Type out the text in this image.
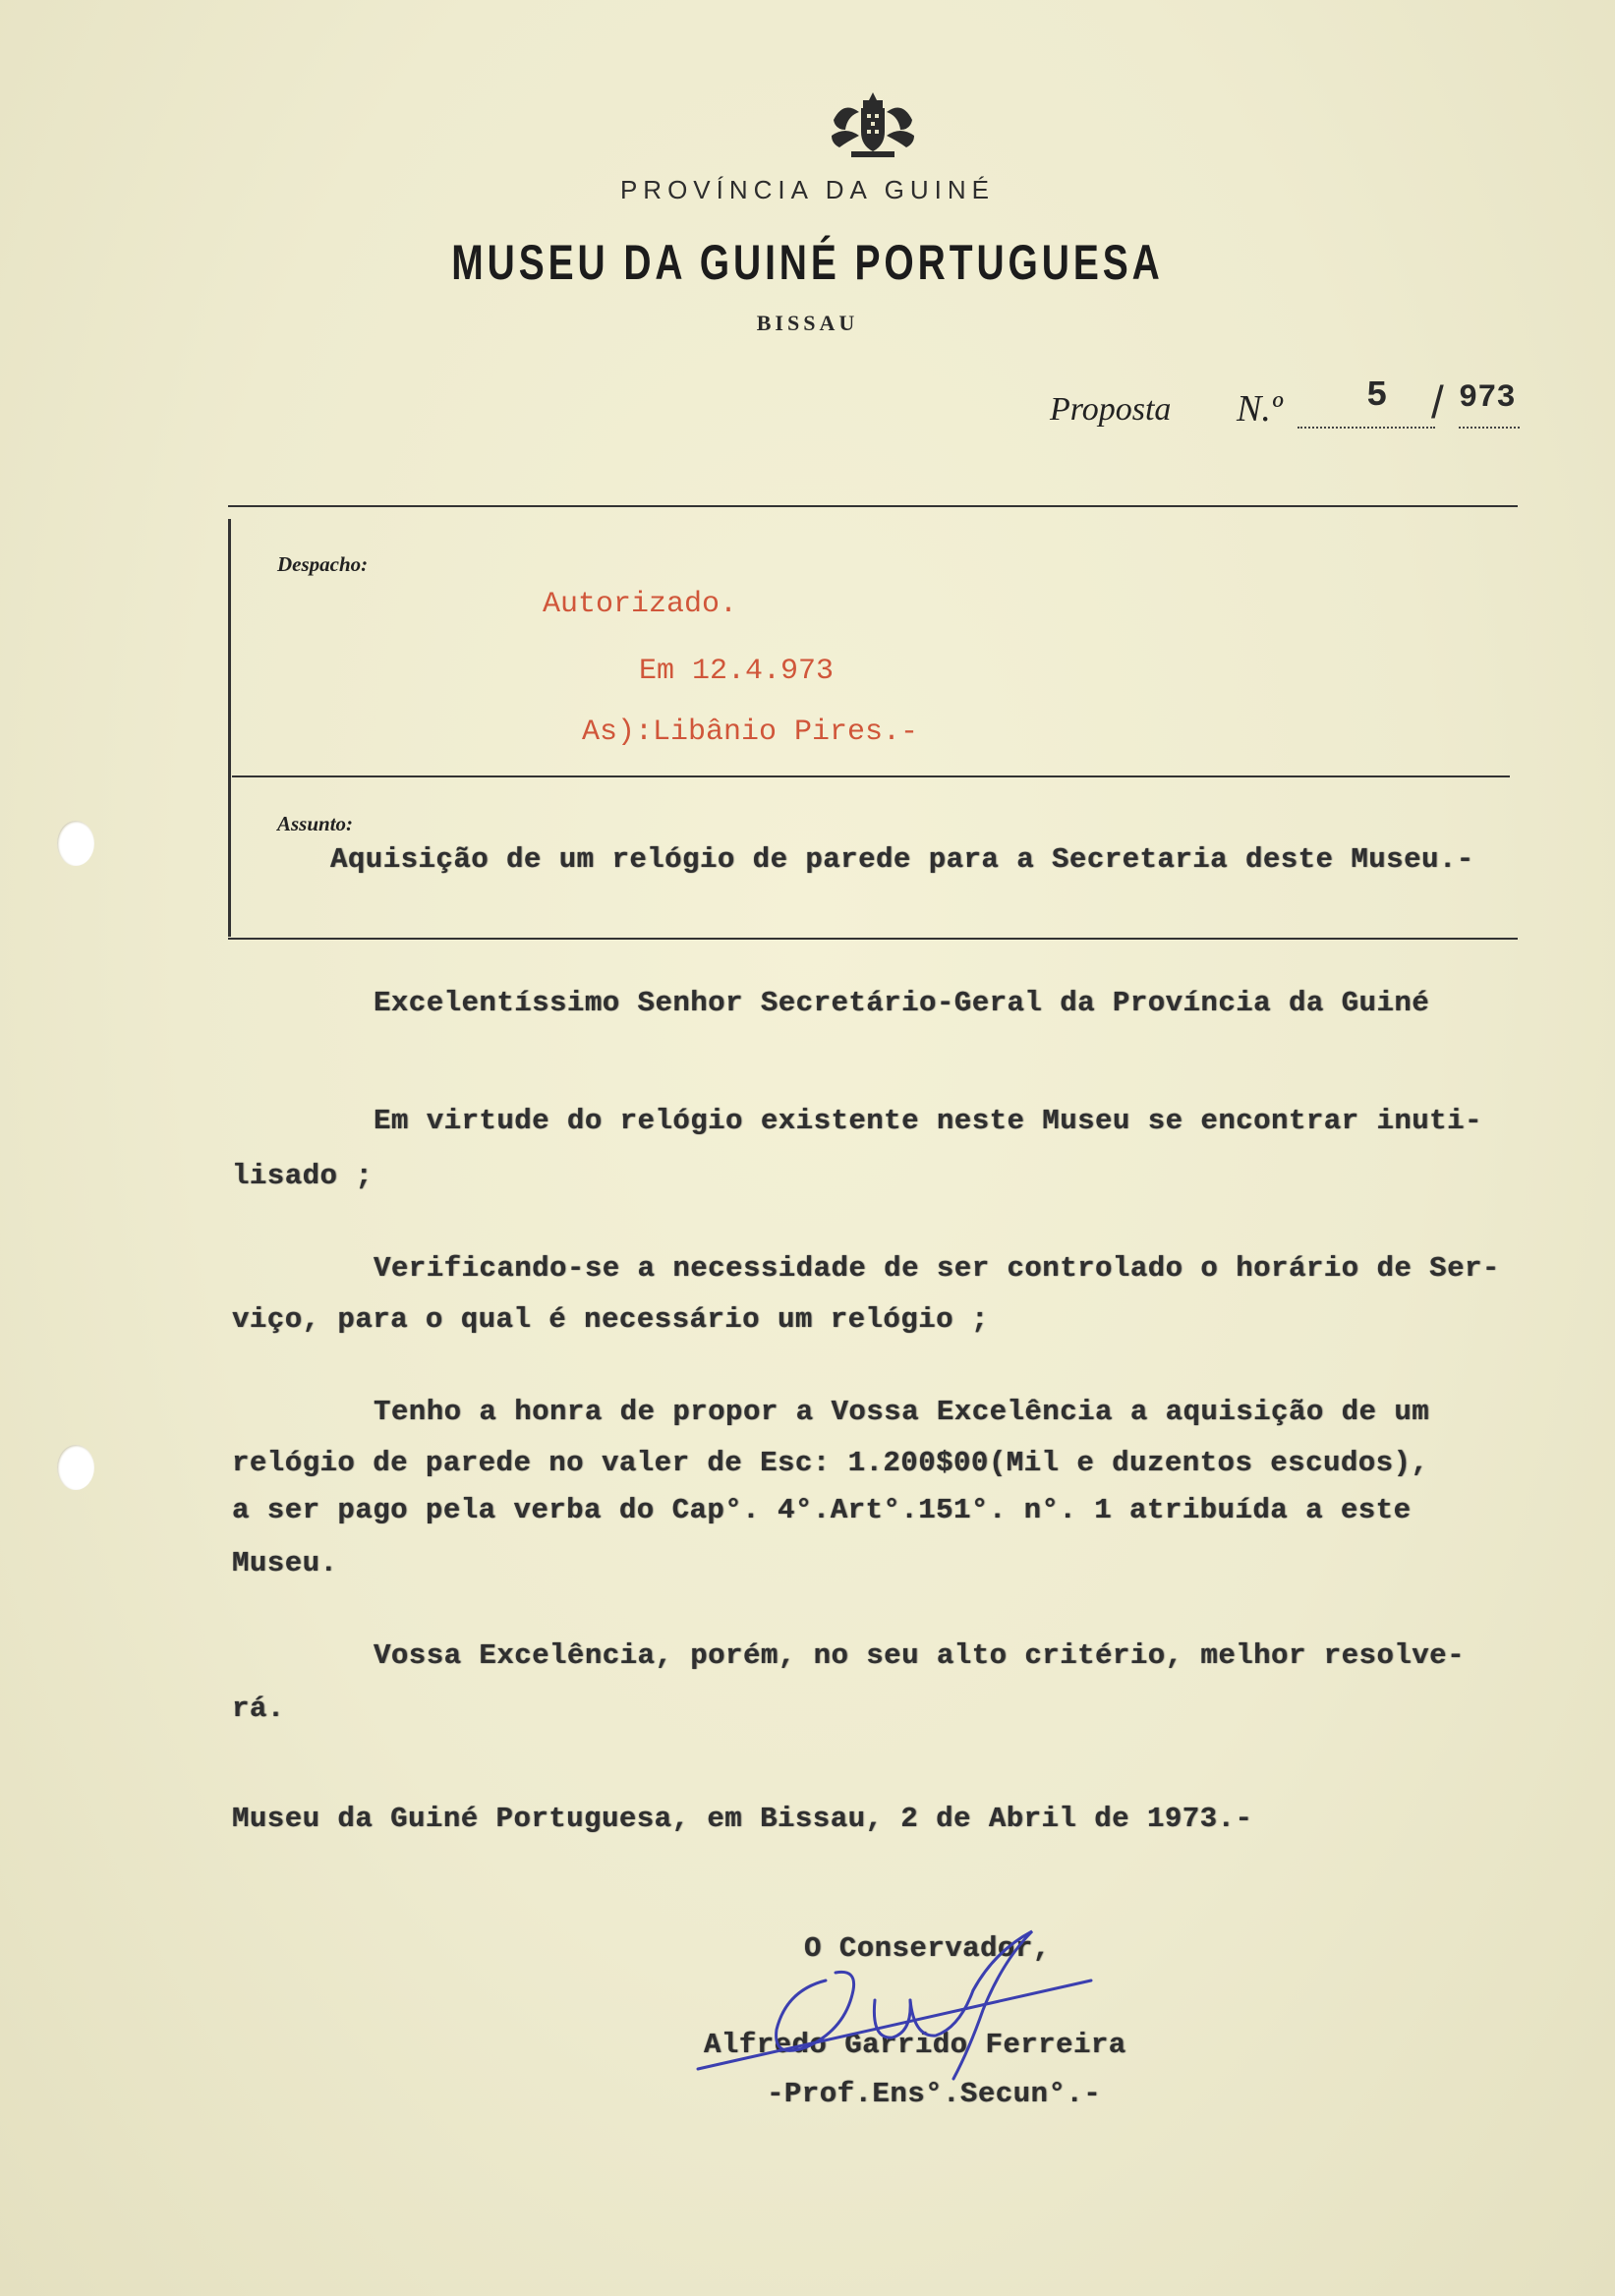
PROVÍNCIA DA GUINÉ
MUSEU DA GUINÉ PORTUGUESA
BISSAU
Proposta N.º 5 / 973
Despacho:
Autorizado.
Em 12.4.973
As):Libânio Pires.-
Assunto:
Aquisição de um relógio de parede para a Secretaria deste Museu.-
Excelentíssimo Senhor Secretário-Geral da Província da Guiné
Em virtude do relógio existente neste Museu se encontrar inuti-
lisado ;
Verificando-se a necessidade de ser controlado o horário de Ser-
viço, para o qual é necessário um relógio ;
Tenho a honra de propor a Vossa Excelência a aquisição de um
relógio de parede no valer de Esc: 1.200$00(Mil e duzentos escudos),
a ser pago pela verba do Cap°. 4°.Art°.151°. n°. 1 atribuída a este
Museu.
Vossa Excelência, porém, no seu alto critério, melhor resolve-
rá.
Museu da Guiné Portuguesa, em Bissau, 2 de Abril de 1973.-
O Conservador,
Alfredo Garrido Ferreira
-Prof.Ens°.Secun°.-
